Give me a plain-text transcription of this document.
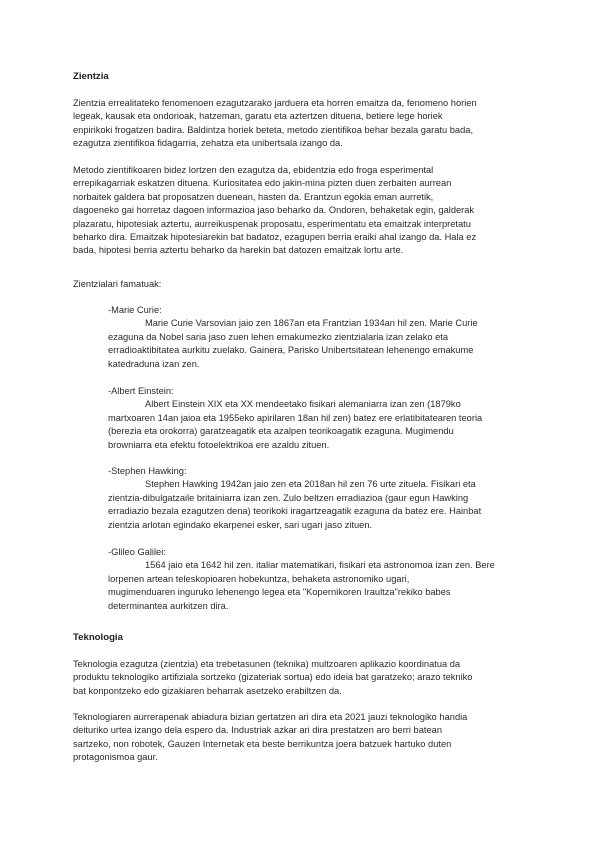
Zientzia
Zientzia errealitateko fenomenoen ezagutzarako jarduera eta horren emaitza da, fenomeno horien
legeak, kausak eta ondorioak, hatzeman, garatu eta aztertzen dituena, betiere lege horiek
enpirikoki frogatzen badira. Baldintza horiek beteta, metodo zientifikoa behar bezala garatu bada,
ezagutza zientifikoa fidagarria, zehatza eta unibertsala izango da.
Metodo zientifikoaren bidez lortzen den ezagutza da, ebidentzia edo froga esperimental
errepikagarriak eskatzen dituena. Kuriositatea edo jakin-mina pizten duen zerbaiten aurrean
norbaitek galdera bat proposatzen duenean, hasten da. Erantzun egokia eman aurretik,
dagoeneko gai horretaz dagoen informazioa jaso beharko da. Ondoren, behaketak egin, galderak
plazaratu, hipotesiak aztertu, aurreikuspenak proposatu, esperimentatu eta emaitzak interpretatu
beharko dira. Emaitzak hipotesiarekin bat badatoz, ezagupen berria eraiki ahal izango da. Hala ez
bada, hipotesi berria aztertu beharko da harekin bat datozen emaitzak lortu arte.
Zientzialari famatuak:
-Marie Curie:
Marie Curie Varsovian jaio zen 1867an eta Frantzian 1934an hil zen. Marie Curie
ezaguna da Nobel saria jaso zuen lehen emakumezko zientzialaria izan zelako eta
erradioaktibitatea aurkitu zuelako. Gainera, Parisko Unibertsitatean lehenengo emakume
katedraduna izan zen.
-Albert Einstein:
Albert Einstein XIX eta XX mendeetako fisikari alemaniarra izan zen (1879ko
martxoaren 14an jaioa eta 1955eko apirilaren 18an hil zen) batez ere erlatibitatearen teoria
(berezia eta orokorra) garatzeagatik eta azalpen teorikoagatik ezaguna. Mugimendu
browniarra eta efektu fotoelektrikoa ere azaldu zituen.
-Stephen Hawking:
Stephen Hawking 1942an jaio zen eta 2018an hil zen 76 urte zituela. Fisikari eta
zientzia-dibulgatzaile britainiarra izan zen. Zulo beltzen erradiazioa (gaur egun Hawking
erradiazio bezala ezagutzen dena) teorikoki iragartzeagatik ezaguna da batez ere. Hainbat
zientzia arlotan egindako ekarpenei esker, sari ugari jaso zituen.
-Glileo Galilei:
1564 jaio eta 1642 hil zen. italiar matematikari, fisikari eta astronomoa izan zen. Bere
lorpenen artean teleskopioaren hobekuntza, behaketa astronomiko ugari,
mugimenduaren inguruko lehenengo legea eta "Kopernikoren Iraultza"rekiko babes
determinantea aurkitzen dira.
Teknologia
Teknologia ezagutza (zientzia) eta trebetasunen (teknika) multzoaren aplikazio koordinatua da
produktu teknologiko artifiziala sortzeko (gizateriak sortua) edo ideia bat garatzeko; arazo tekniko
bat konpontzeko edo gizakiaren beharrak asetzeko erabiltzen da.
Teknologiaren aurrerapenak abiadura bizian gertatzen ari dira eta 2021 jauzi teknologiko handia
deituriko urtea izango dela espero da. Industriak azkar ari dira prestatzen aro berri batean
sartzeko, non robotek, Gauzen Internetak eta beste berrikuntza joera batzuek hartuko duten
protagonismoa gaur.
